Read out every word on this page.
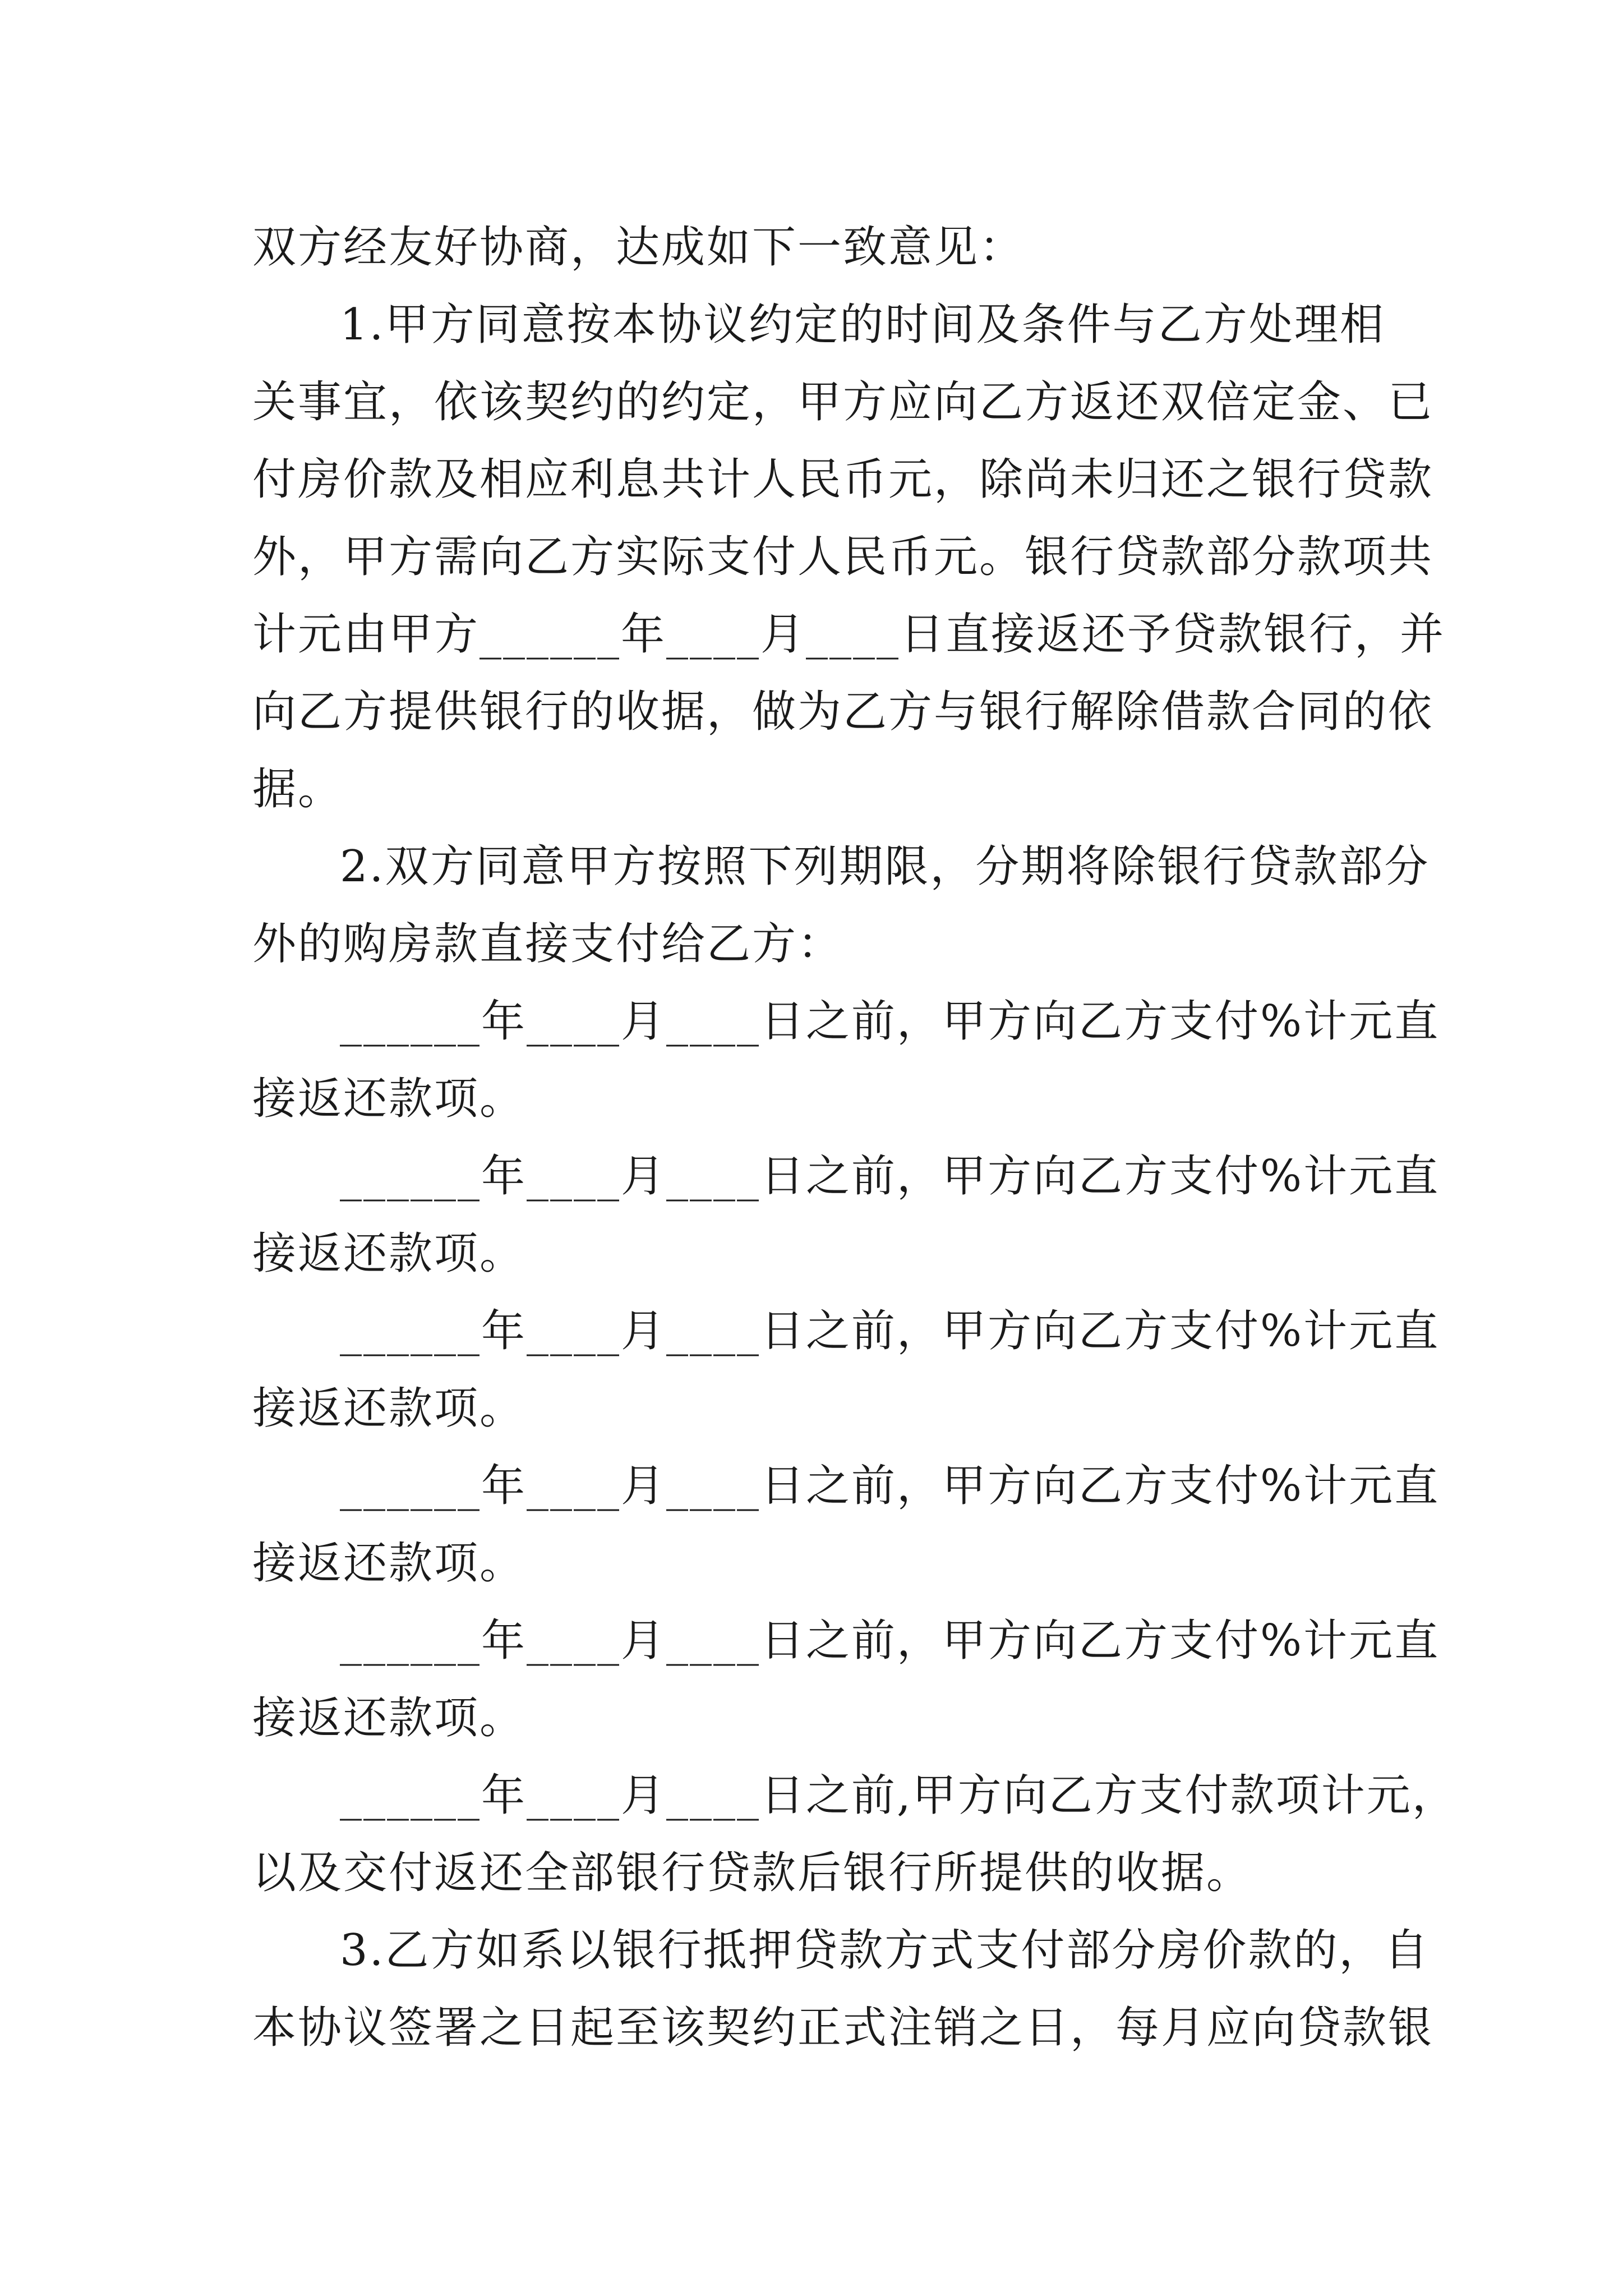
双方经友好协商，达成如下一致意见：
1.甲方同意按本协议约定的时间及条件与乙方处理相
关事宜，依该契约的约定，甲方应向乙方返还双倍定金、已
付房价款及相应利息共计人民币元，除尚未归还之银行贷款
外，甲方需向乙方实际支付人民币元。银行贷款部分款项共
计元由甲方______年____月____日直接返还予贷款银行，并
向乙方提供银行的收据，做为乙方与银行解除借款合同的依
据。
2.双方同意甲方按照下列期限，分期将除银行贷款部分
外的购房款直接支付给乙方：
______年____月____日之前，甲方向乙方支付%计元直
接返还款项。
______年____月____日之前，甲方向乙方支付%计元直
接返还款项。
______年____月____日之前，甲方向乙方支付%计元直
接返还款项。
______年____月____日之前，甲方向乙方支付%计元直
接返还款项。
______年____月____日之前，甲方向乙方支付%计元直
接返还款项。
______年____月____日之前,甲方向乙方支付款项计元，
以及交付返还全部银行贷款后银行所提供的收据。
3.乙方如系以银行抵押贷款方式支付部分房价款的，自
本协议签署之日起至该契约正式注销之日，每月应向贷款银
